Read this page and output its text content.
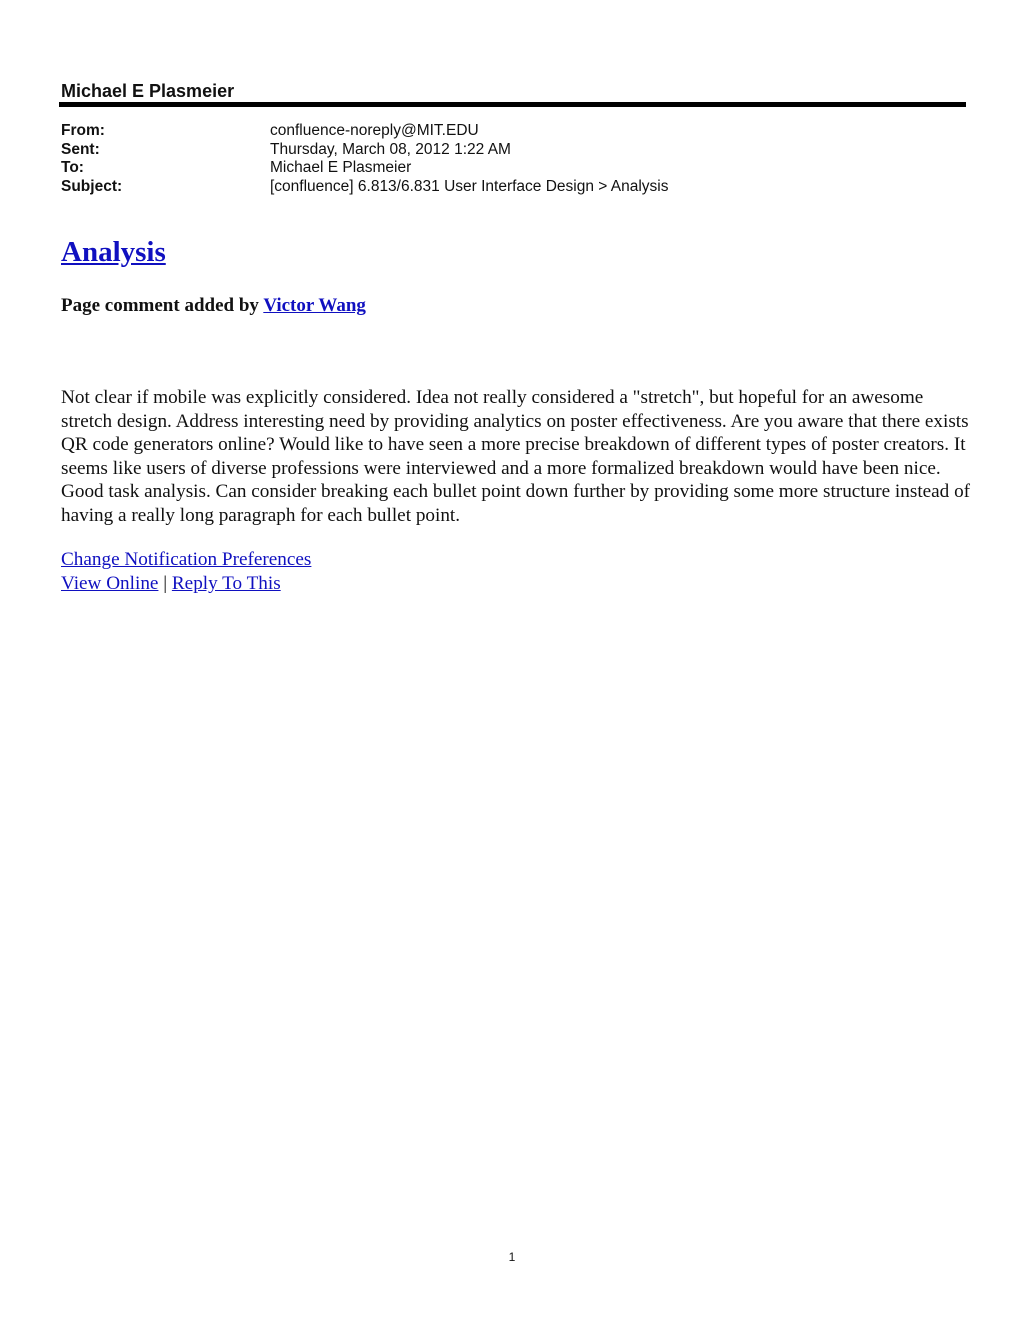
Michael E Plasmeier
From:	confluence-noreply@MIT.EDU
Sent:	Thursday, March 08, 2012 1:22 AM
To:	Michael E Plasmeier
Subject:	[confluence] 6.813/6.831 User Interface Design > Analysis
Analysis
Page comment added by Victor Wang

Not clear if mobile was explicitly considered. Idea not really considered a "stretch", but hopeful for an awesome stretch design. Address interesting need by providing analytics on poster effectiveness. Are you aware that there exists QR code generators online? Would like to have seen a more precise breakdown of different types of poster creators. It seems like users of diverse professions were interviewed and a more formalized breakdown would have been nice. Good task analysis. Can consider breaking each bullet point down further by providing some more structure instead of having a really long paragraph for each bullet point.

Change Notification Preferences
View Online | Reply To This
1
